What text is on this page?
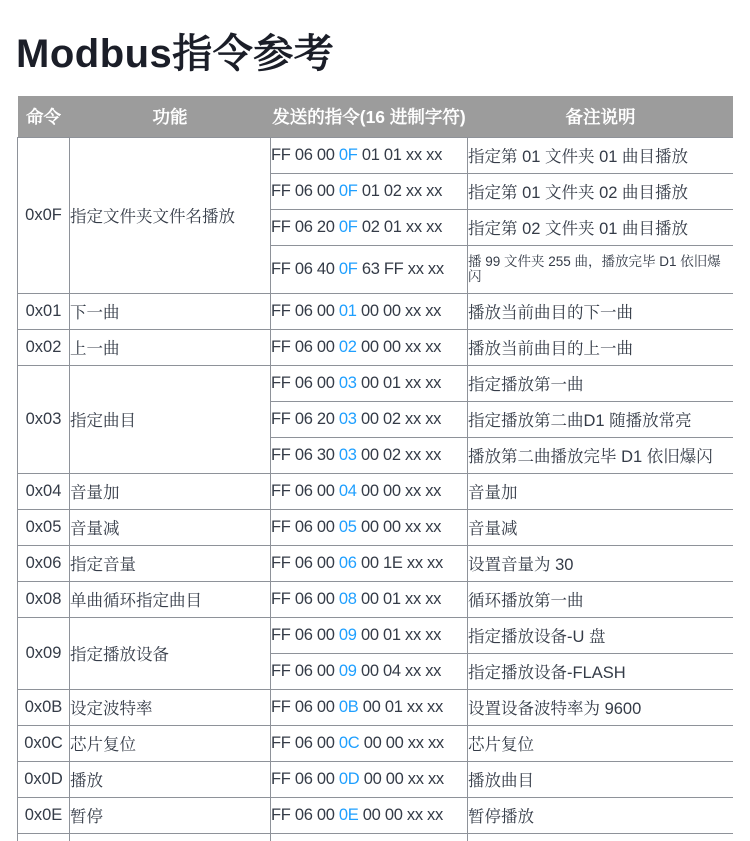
Modbus指令参考
命令	功能	发送的指令(16 进制字符)	备注说明
0x0F	指定文件夹文件名播放	FF 06 00 0F 01 01 xx xx	指定第 01 文件夹 01 曲目播放
		FF 06 00 0F 01 02 xx xx	指定第 01 文件夹 02 曲目播放
		FF 06 20 0F 02 01 xx xx	指定第 02 文件夹 01 曲目播放
		FF 06 40 0F 63 FF xx xx	播 99 文件夹 255 曲，播放完毕 D1 依旧爆闪
0x01	下一曲	FF 06 00 01 00 00 xx xx	播放当前曲目的下一曲
0x02	上一曲	FF 06 00 02 00 00 xx xx	播放当前曲目的上一曲
0x03	指定曲目	FF 06 00 03 00 01 xx xx	指定播放第一曲
		FF 06 20 03 00 02 xx xx	指定播放第二曲D1 随播放常亮
		FF 06 30 03 00 02 xx xx	播放第二曲播放完毕 D1 依旧爆闪
0x04	音量加	FF 06 00 04 00 00 xx xx	音量加
0x05	音量减	FF 06 00 05 00 00 xx xx	音量减
0x06	指定音量	FF 06 00 06 00 1E xx xx	设置音量为 30
0x08	单曲循环指定曲目	FF 06 00 08 00 01 xx xx	循环播放第一曲
0x09	指定播放设备	FF 06 00 09 00 01 xx xx	指定播放设备-U 盘
		FF 06 00 09 00 04 xx xx	指定播放设备-FLASH
0x0B	设定波特率	FF 06 00 0B 00 01 xx xx	设置设备波特率为 9600
0x0C	芯片复位	FF 06 00 0C 00 00 xx xx	芯片复位
0x0D	播放	FF 06 00 0D 00 00 xx xx	播放曲目
0x0E	暂停	FF 06 00 0E 00 00 xx xx	暂停播放
